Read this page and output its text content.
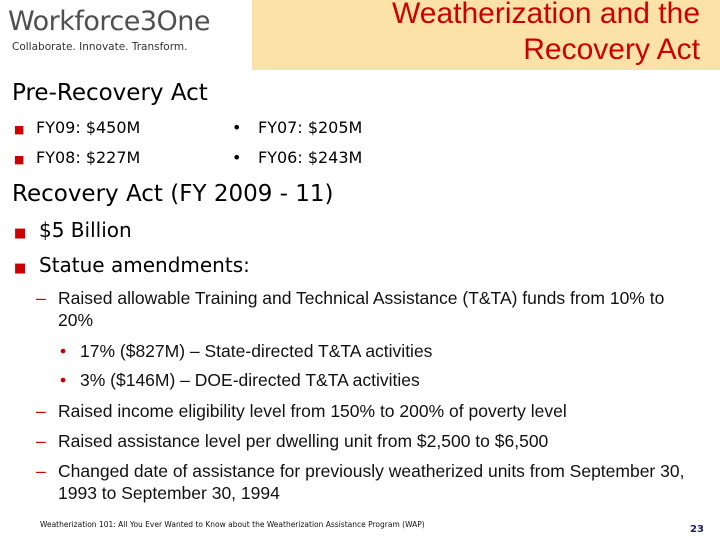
Workforce3One
Collaborate. Innovate. Transform.
Weatherization and the
Recovery Act
Pre-Recovery Act
■ FY09: $450M
■ FY08: $227M
• FY07: $205M
• FY06: $243M
Recovery Act (FY 2009 - 11)
■ $5 Billion
■ Statue amendments:
– Raised allowable Training and Technical Assistance (T&TA) funds from 10% to 20%
• 17% ($827M) – State-directed T&TA activities
• 3% ($146M) – DOE-directed T&TA activities
– Raised income eligibility level from 150% to 200% of poverty level
– Raised assistance level per dwelling unit from $2,500 to $6,500
– Changed date of assistance for previously weatherized units from September 30, 1993 to September 30, 1994
Weatherization 101: All You Ever Wanted to Know about the Weatherization Assistance Program (WAP)	23
